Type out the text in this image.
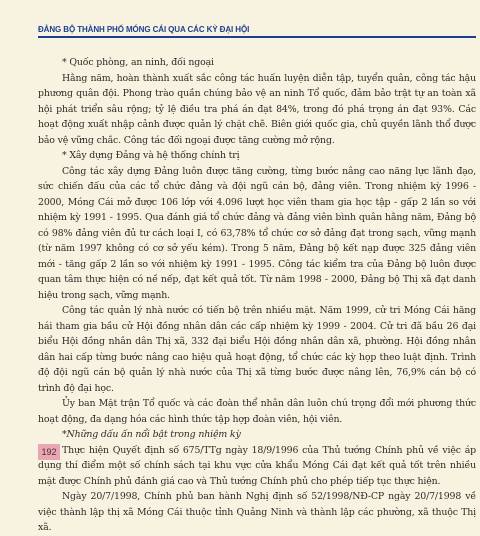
ĐẢNG BỘ THÀNH PHỐ MÓNG CÁI QUA CÁC KỲ ĐẠI HỘI

* Quốc phòng, an ninh, đối ngoại

Hằng năm, hoàn thành xuất sắc công tác huấn luyện diễn tập, tuyển quân, công tác hậu phương quân đội. Phong trào quần chúng bảo vệ an ninh Tổ quốc, đảm bảo trật tự an toàn xã hội phát triển sâu rộng; tỷ lệ điều tra phá án đạt 84%, trong đó phá trọng án đạt 93%. Các hoạt động xuất nhập cảnh được quản lý chặt chẽ. Biên giới quốc gia, chủ quyền lãnh thổ được bảo vệ vững chắc. Công tác đối ngoại được tăng cường mở rộng.

* Xây dựng Đảng và hệ thống chính trị

Công tác xây dựng Đảng luôn được tăng cường, từng bước nâng cao năng lực lãnh đạo, sức chiến đấu của các tổ chức đảng và đội ngũ cán bộ, đảng viên. Trong nhiệm kỳ 1996 - 2000, Móng Cái mở được 106 lớp với 4.096 lượt học viên tham gia học tập - gấp 2 lần so với nhiệm kỳ 1991 - 1995. Qua đánh giá tổ chức đảng và đảng viên bình quân hằng năm, Đảng bộ có 98% đảng viên đủ tư cách loại I, có 63,78% tổ chức cơ sở đảng đạt trong sạch, vững mạnh (từ năm 1997 không có cơ sở yếu kém). Trong 5 năm, Đảng bộ kết nạp được 325 đảng viên mới - tăng gấp 2 lần so với nhiệm kỳ 1991 - 1995. Công tác kiểm tra của Đảng bộ luôn được quan tâm thực hiện có nề nếp, đạt kết quả tốt. Từ năm 1998 - 2000, Đảng bộ Thị xã đạt danh hiệu trong sạch, vững mạnh.

Công tác quản lý nhà nước có tiến bộ trên nhiều mặt. Năm 1999, cử tri Móng Cái hăng hái tham gia bầu cử Hội đồng nhân dân các cấp nhiệm kỳ 1999 - 2004. Cử tri đã bầu 26 đại biểu Hội đồng nhân dân Thị xã, 332 đại biểu Hội đồng nhân dân xã, phường. Hội đồng nhân dân hai cấp từng bước nâng cao hiệu quả hoạt động, tổ chức các kỳ họp theo luật định. Trình độ đội ngũ cán bộ quản lý nhà nước của Thị xã từng bước được nâng lên, 76,9% cán bộ có trình độ đại học.

Ủy ban Mặt trận Tổ quốc và các đoàn thể nhân dân luôn chú trọng đổi mới phương thức hoạt động, đa dạng hóa các hình thức tập hợp đoàn viên, hội viên.

*Những dấu ấn nổi bật trong nhiệm kỳ

Thực hiện Quyết định số 675/TTg ngày 18/9/1996 của Thủ tướng Chính phủ về việc áp dụng thí điểm một số chính sách tại khu vực cửa khẩu Móng Cái đạt kết quả tốt trên nhiều mặt được Chính phủ đánh giá cao và Thủ tướng Chính phủ cho phép tiếp tục thực hiện.

Ngày 20/7/1998, Chính phủ ban hành Nghị định số 52/1998/NĐ-CP ngày 20/7/1998 về việc thành lập thị xã Móng Cái thuộc tỉnh Quảng Ninh và thành lập các phường, xã thuộc Thị xã.

192
